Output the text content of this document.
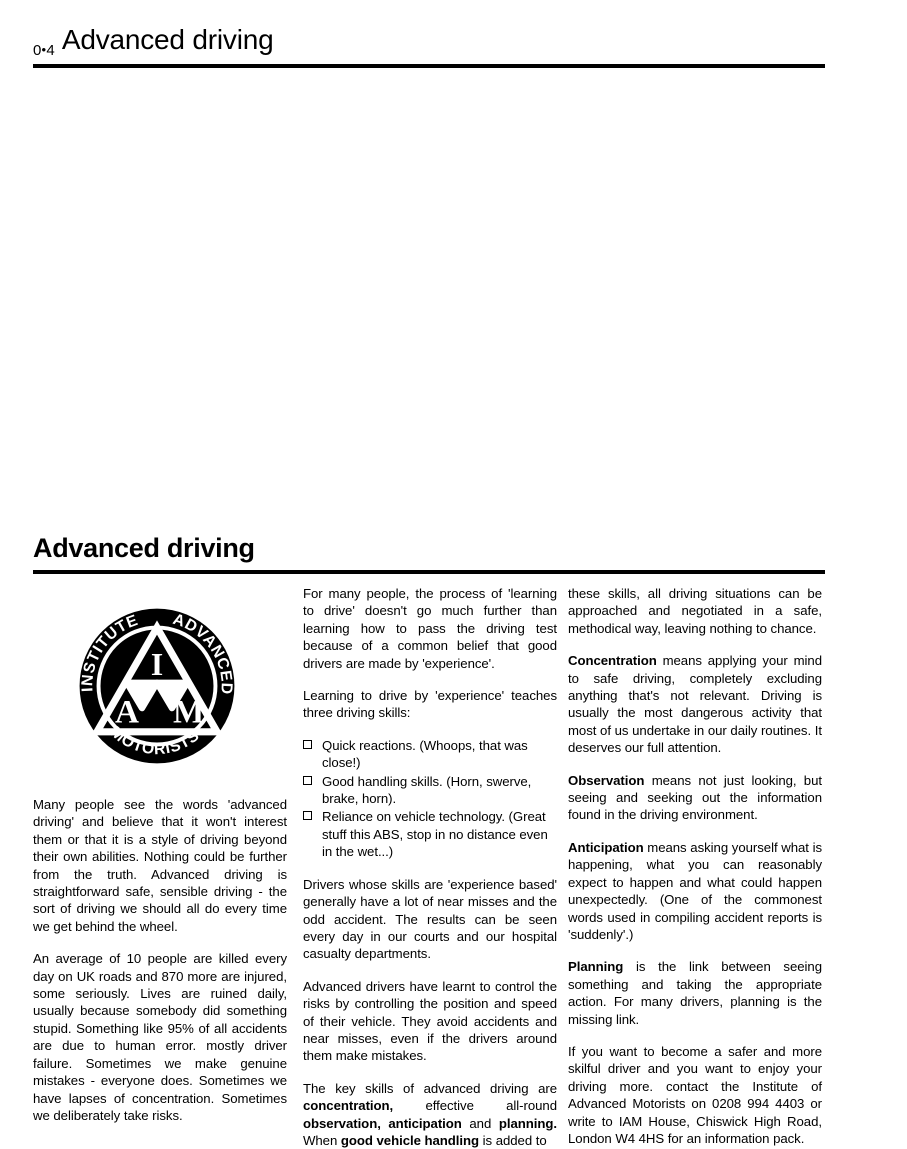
0•4 Advanced driving
Advanced driving
I
A M
INSTITUTE ADVANCED
MOTORISTS

Many people see the words 'advanced driving' and believe that it won't interest them or that it is a style of driving beyond their own abilities. Nothing could be further from the truth. Advanced driving is straightforward safe, sensible driving - the sort of driving we should all do every time we get behind the wheel.

An average of 10 people are killed every day on UK roads and 870 more are injured, some seriously. Lives are ruined daily, usually because somebody did something stupid. Something like 95% of all accidents are due to human error. mostly driver failure. Sometimes we make genuine mistakes - everyone does. Sometimes we have lapses of concentration. Sometimes we deliberately take risks.

For many people, the process of 'learning to drive' doesn't go much further than learning how to pass the driving test because of a common belief that good drivers are made by 'experience'.

Learning to drive by 'experience' teaches three driving skills:

Quick reactions. (Whoops, that was close!)
Good handling skills. (Horn, swerve, brake, horn).
Reliance on vehicle technology. (Great stuff this ABS, stop in no distance even in the wet...)

Drivers whose skills are 'experience based' generally have a lot of near misses and the odd accident. The results can be seen every day in our courts and our hospital casualty departments.

Advanced drivers have learnt to control the risks by controlling the position and speed of their vehicle. They avoid accidents and near misses, even if the drivers around them make mistakes.

The key skills of advanced driving are concentration, effective all-round observation, anticipation and planning. When good vehicle handling is added to

these skills, all driving situations can be approached and negotiated in a safe, methodical way, leaving nothing to chance.

Concentration means applying your mind to safe driving, completely excluding anything that's not relevant. Driving is usually the most dangerous activity that most of us undertake in our daily routines. It deserves our full attention.

Observation means not just looking, but seeing and seeking out the information found in the driving environment.

Anticipation means asking yourself what is happening, what you can reasonably expect to happen and what could happen unexpectedly. (One of the commonest words used in compiling accident reports is 'suddenly'.)

Planning is the link between seeing something and taking the appropriate action. For many drivers, planning is the missing link.

If you want to become a safer and more skilful driver and you want to enjoy your driving more. contact the Institute of Advanced Motorists on 0208 994 4403 or write to IAM House, Chiswick High Road, London W4 4HS for an information pack.
